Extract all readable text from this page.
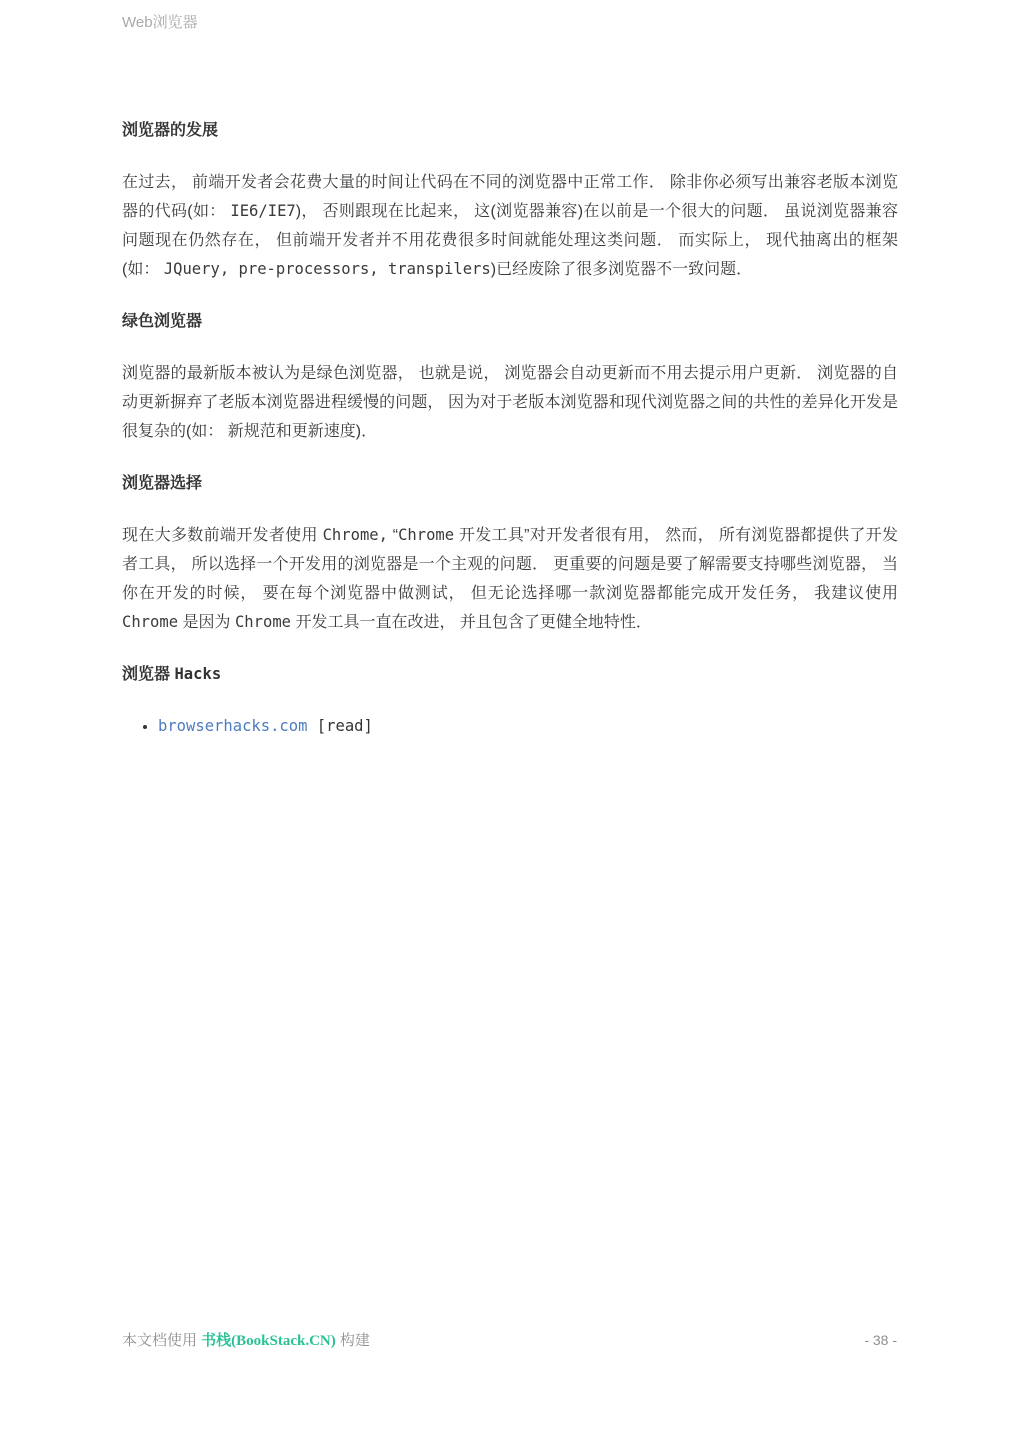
Web浏览器
浏览器的发展

在过去， 前端开发者会花费大量的时间让代码在不同的浏览器中正常工作． 除非你必须写出兼容老版本浏览器的代码(如： IE6/IE7)， 否则跟现在比起来， 这(浏览器兼容)在以前是一个很大的问题． 虽说浏览器兼容问题现在仍然存在， 但前端开发者并不用花费很多时间就能处理这类问题． 而实际上， 现代抽离出的框架(如： JQuery, pre-processors, transpilers)已经废除了很多浏览器不一致问题．

绿色浏览器

浏览器的最新版本被认为是绿色浏览器， 也就是说， 浏览器会自动更新而不用去提示用户更新． 浏览器的自动更新摒弃了老版本浏览器进程缓慢的问题， 因为对于老版本浏览器和现代浏览器之间的共性的差异化开发是很复杂的(如： 新规范和更新速度)．

浏览器选择

现在大多数前端开发者使用 Chrome, “Chrome 开发工具”对开发者很有用， 然而， 所有浏览器都提供了开发者工具， 所以选择一个开发用的浏览器是一个主观的问题． 更重要的问题是要了解需要支持哪些浏览器， 当你在开发的时候， 要在每个浏览器中做测试， 但无论选择哪一款浏览器都能完成开发任务， 我建议使用 Chrome 是因为 Chrome 开发工具一直在改进， 并且包含了更健全地特性．

浏览器 Hacks
• browserhacks.com [read]
本文档使用 书栈(BookStack.CN) 构建	- 38 -
